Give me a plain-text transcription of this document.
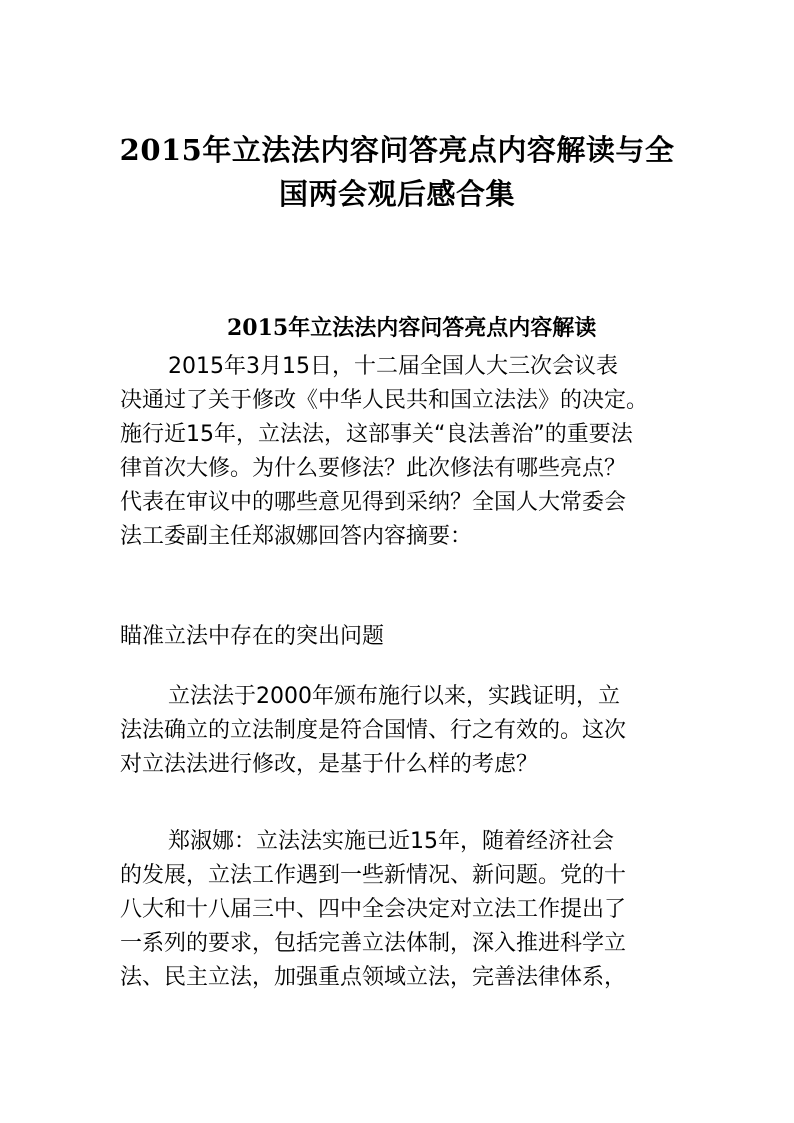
2015年立法法内容问答亮点内容解读与全
国两会观后感合集
2015年立法法内容问答亮点内容解读

2015年3月15日，十二届全国人大三次会议表
决通过了关于修改《中华人民共和国立法法》的决定。
施行近15年，立法法，这部事关“良法善治”的重要法
律首次大修。为什么要修法？此次修法有哪些亮点？
代表在审议中的哪些意见得到采纳？全国人大常委会
法工委副主任郑淑娜回答内容摘要：

瞄准立法中存在的突出问题

立法法于2000年颁布施行以来，实践证明，立
法法确立的立法制度是符合国情、行之有效的。这次
对立法法进行修改，是基于什么样的考虑？

郑淑娜：立法法实施已近15年，随着经济社会
的发展，立法工作遇到一些新情况、新问题。党的十
八大和十八届三中、四中全会决定对立法工作提出了
一系列的要求，包括完善立法体制，深入推进科学立
法、民主立法，加强重点领域立法，完善法律体系，
